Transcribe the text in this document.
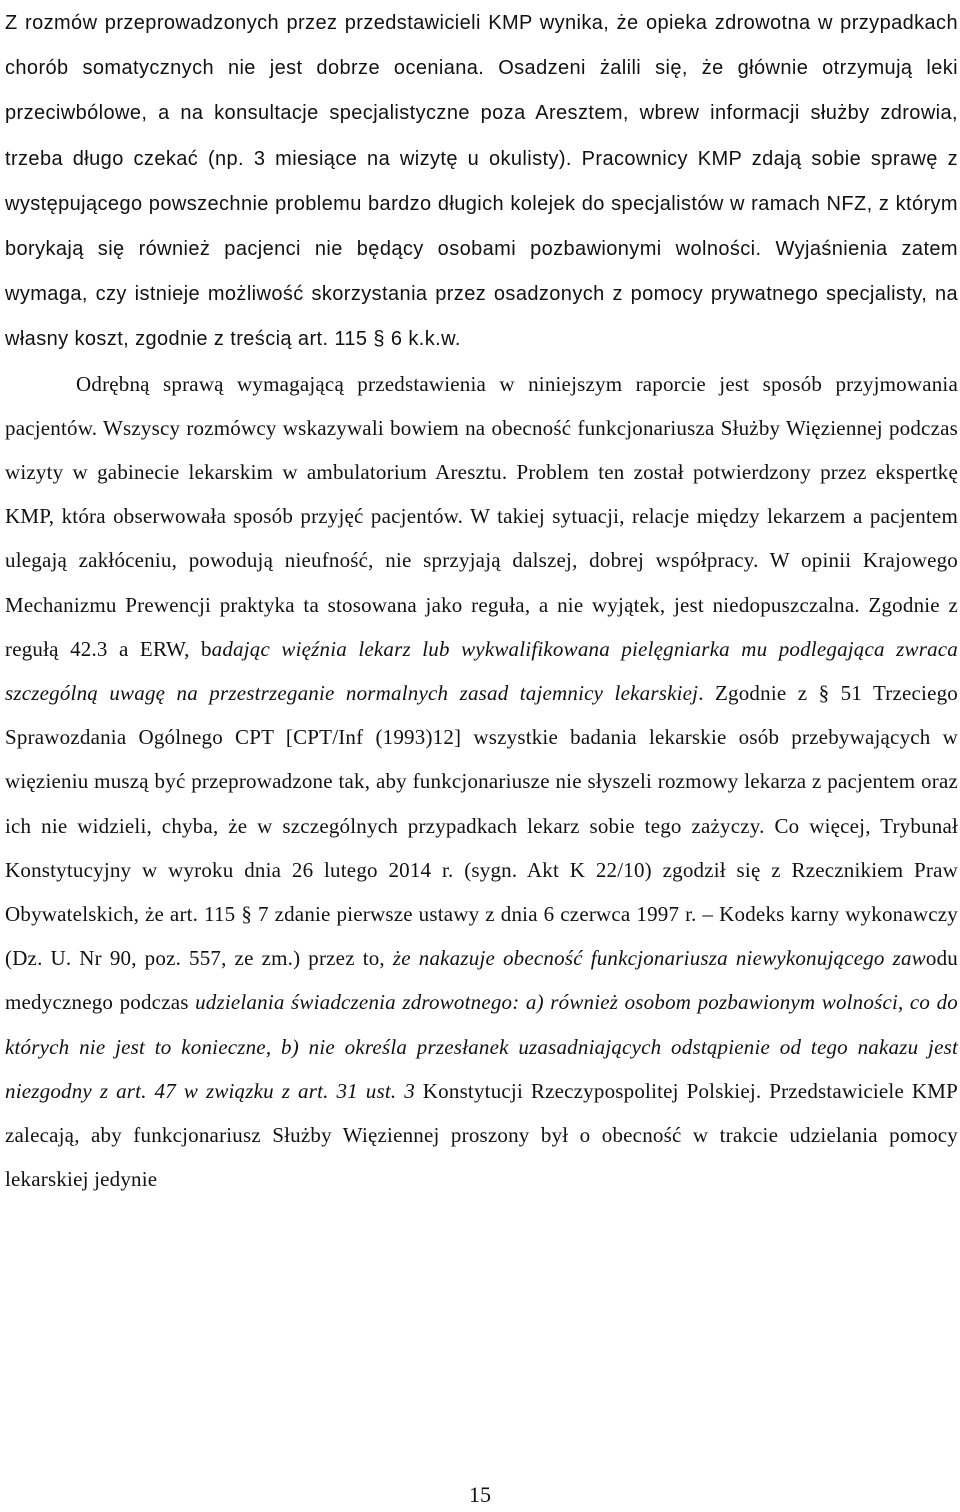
Z rozmów przeprowadzonych przez przedstawicieli KMP wynika, że opieka zdrowotna w przypadkach chorób somatycznych nie jest dobrze oceniana. Osadzeni żalili się, że głównie otrzymują leki przeciwbólowe, a na konsultacje specjalistyczne poza Aresztem, wbrew informacji służby zdrowia, trzeba długo czekać (np. 3 miesiące na wizytę u okulisty). Pracownicy KMP zdają sobie sprawę z występującego powszechnie problemu bardzo długich kolejek do specjalistów w ramach NFZ, z którym borykają się również pacjenci nie będący osobami pozbawionymi wolności. Wyjaśnienia zatem wymaga, czy istnieje możliwość skorzystania przez osadzonych z pomocy prywatnego specjalisty, na własny koszt, zgodnie z treścią art. 115 § 6 k.k.w.

Odrębną sprawą wymagającą przedstawienia w niniejszym raporcie jest sposób przyjmowania pacjentów. Wszyscy rozmówcy wskazywali bowiem na obecność funkcjonariusza Służby Więziennej podczas wizyty w gabinecie lekarskim w ambulatorium Aresztu. Problem ten został potwierdzony przez ekspertkę KMP, która obserwowała sposób przyjęć pacjentów. W takiej sytuacji, relacje między lekarzem a pacjentem ulegają zakłóceniu, powodują nieufność, nie sprzyjają dalszej, dobrej współpracy. W opinii Krajowego Mechanizmu Prewencji praktyka ta stosowana jako reguła, a nie wyjątek, jest niedopuszczalna. Zgodnie z regułą 42.3 a ERW, badając więźnia lekarz lub wykwalifikowana pielęgniarka mu podlegająca zwraca szczególną uwagę na przestrzeganie normalnych zasad tajemnicy lekarskiej. Zgodnie z § 51 Trzeciego Sprawozdania Ogólnego CPT [CPT/Inf (1993)12] wszystkie badania lekarskie osób przebywających w więzieniu muszą być przeprowadzone tak, aby funkcjonariusze nie słyszeli rozmowy lekarza z pacjentem oraz ich nie widzieli, chyba, że w szczególnych przypadkach lekarz sobie tego zażyczy. Co więcej, Trybunał Konstytucyjny w wyroku dnia 26 lutego 2014 r. (sygn. Akt K 22/10) zgodził się z Rzecznikiem Praw Obywatelskich, że art. 115 § 7 zdanie pierwsze ustawy z dnia 6 czerwca 1997 r. – Kodeks karny wykonawczy (Dz. U. Nr 90, poz. 557, ze zm.) przez to, że nakazuje obecność funkcjonariusza niewykonującego zawodu medycznego podczas udzielania świadczenia zdrowotnego: a) również osobom pozbawionym wolności, co do których nie jest to konieczne, b) nie określa przesłanek uzasadniających odstąpienie od tego nakazu jest niezgodny z art. 47 w związku z art. 31 ust. 3 Konstytucji Rzeczypospolitej Polskiej. Przedstawiciele KMP zalecają, aby funkcjonariusz Służby Więziennej proszony był o obecność w trakcie udzielania pomocy lekarskiej jedynie

15
